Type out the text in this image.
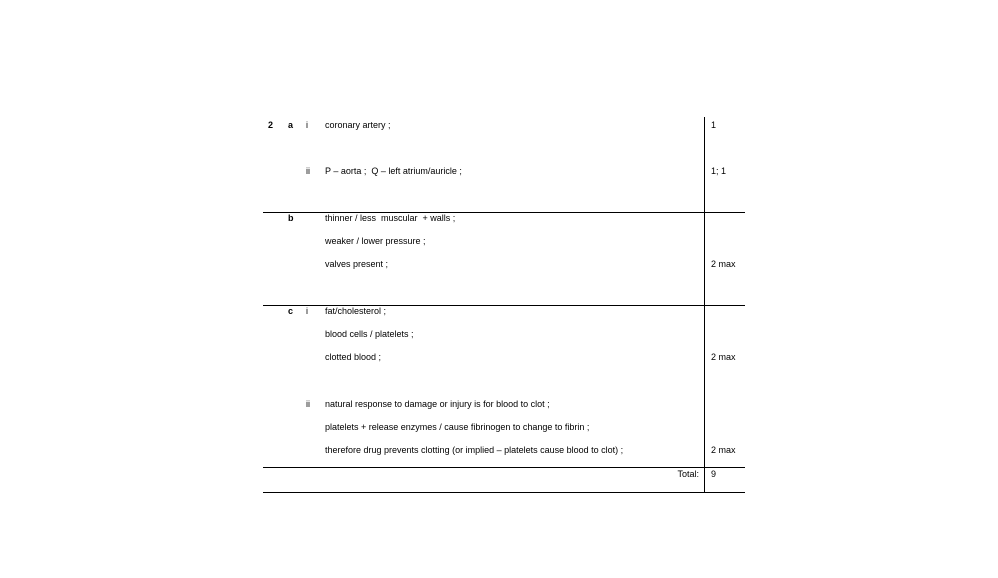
2 a i coronary artery ;	1
ii P – aorta ;  Q – left atrium/auricle ;	1; 1
b	thinner / less  muscular  + walls ;
weaker / lower pressure ;
valves present ;	2 max
c i fat/cholesterol ;
blood cells / platelets ;
clotted blood ;	2 max
ii natural response to damage or injury is for blood to clot ;
platelets + release enzymes / cause fibrinogen to change to fibrin ;
therefore drug prevents clotting (or implied – platelets cause blood to clot) ;	2 max
Total: 9
